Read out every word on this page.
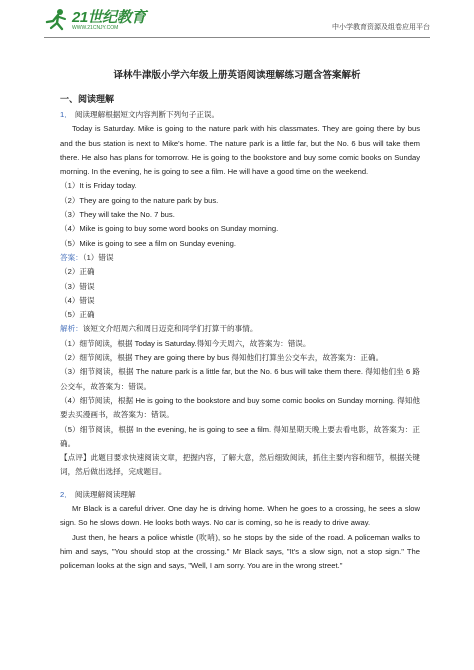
21世纪教育
WWW.21CNJY.COM	中小学教育资源及组卷应用平台
译林牛津版小学六年级上册英语阅读理解练习题含答案解析
一、阅读理解

1． 阅读理解根据短文内容判断下列句子正误。

Today is Saturday. Mike is going to the nature park with his classmates. They are going there by bus and the bus station is next to Mike's home. The nature park is a little far, but the No. 6 bus will take them there. He also has plans for tomorrow. He is going to the bookstore and buy some comic books on Sunday morning. In the evening, he is going to see a film. He will have a good time on the weekend.

（1）It is Friday today.

（2）They are going to the nature park by bus.

（3）They will take the No. 7 bus.

（4）Mike is going to buy some word books on Sunday morning.

（5）Mike is going to see a film on Sunday evening.

答案：（1）错误

（2）正确

（3）错误

（4）错误

（5）正确

解析：该短文介绍周六和周日迈克和同学们打算干的事情。

（1）细节阅读，根据 Today is Saturday.得知今天周六，故答案为：错误。

（2）细节阅读，根据 They are going there by bus 得知他们打算坐公交车去，故答案为：正确。

（3）细节阅读，根据 The nature park is a little far, but the No. 6 bus will take them there. 得知他们坐 6 路公交车，故答案为：错误。

（4）细节阅读，根据 He is going to the bookstore and buy some comic books on Sunday morning. 得知他要去买漫画书，故答案为：错误。

（5）细节阅读，根据 In the evening, he is going to see a film. 得知星期天晚上要去看电影，故答案为：正确。

【点评】此题目要求快速阅读文章，把握内容，了解大意，然后细致阅读，抓住主要内容和细节，根据关键词，然后做出选择，完成题目。

2． 阅读理解阅读理解

Mr Black is a careful driver. One day he is driving home. When he goes to a crossing, he sees a slow sign. So he slows down. He looks both ways. No car is coming, so he is ready to drive away.

Just then, he hears a police whistle (吹哨), so he stops by the side of the road. A policeman walks to him and says, "You should stop at the crossing." Mr Black says, "It's a slow sign, not a stop sign." The policeman looks at the sign and says, "Well, I am sorry. You are in the wrong street."
